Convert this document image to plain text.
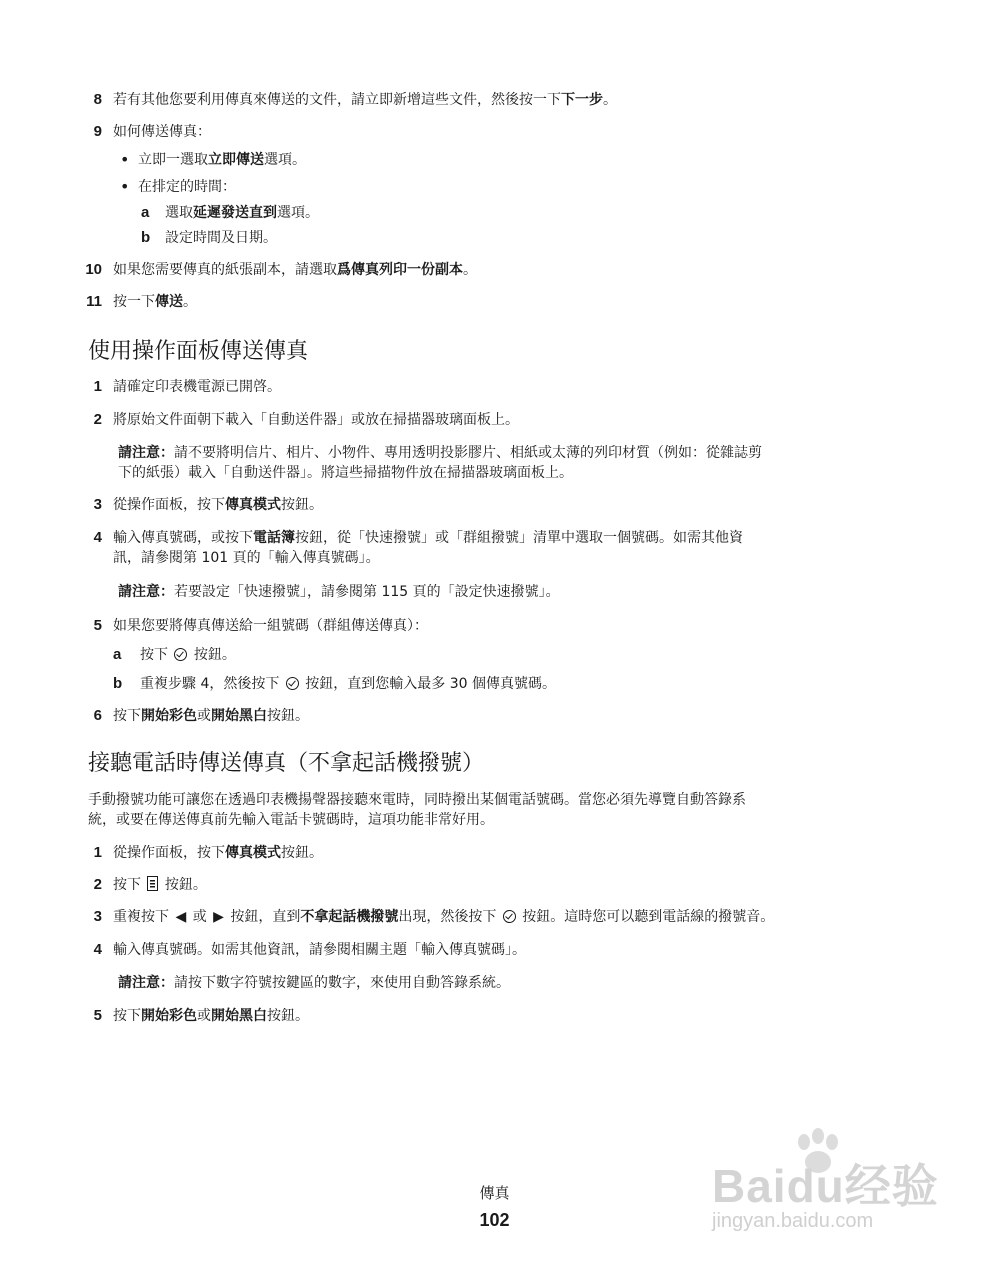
8 若有其他您要利用傳真來傳送的文件，請立即新增這些文件，然後按一下下一步。
9 如何傳送傳真：
• 立即一選取立即傳送選項。
• 在排定的時間：
a 選取延遲發送直到選項。
b 設定時間及日期。
10 如果您需要傳真的紙張副本，請選取爲傳真列印一份副本。
11 按一下傳送。
使用操作面板傳送傳真
1 請確定印表機電源已開啓。
2 將原始文件面朝下載入「自動送件器」或放在掃描器玻璃面板上。
請注意：請不要將明信片、相片、小物件、專用透明投影膠片、相紙或太薄的列印材質（例如：從雜誌剪
下的紙張）載入「自動送件器」。將這些掃描物件放在掃描器玻璃面板上。
3 從操作面板，按下傳真模式按鈕。
4 輸入傳真號碼，或按下電話簿按鈕，從「快速撥號」或「群組撥號」清單中選取一個號碼。如需其他資
訊，請參閱第 101 頁的「輸入傳真號碼」。
請注意：若要設定「快速撥號」，請參閱第 115 頁的「設定快速撥號」。
5 如果您要將傳真傳送給一組號碼（群組傳送傳真）：
a 按下 按鈕。
b 重複步驟 4，然後按下 按鈕，直到您輸入最多 30 個傳真號碼。
6 按下開始彩色或開始黑白按鈕。
接聽電話時傳送傳真（不拿起話機撥號）
手動撥號功能可讓您在透過印表機揚聲器接聽來電時，同時撥出某個電話號碼。當您必須先導覽自動答錄系
統，或要在傳送傳真前先輸入電話卡號碼時，這項功能非常好用。
1 從操作面板，按下傳真模式按鈕。
2 按下 按鈕。
3 重複按下 ◀ 或 ▶ 按鈕，直到不拿起話機撥號出現，然後按下 按鈕。這時您可以聽到電話線的撥號音。
4 輸入傳真號碼。如需其他資訊，請參閱相關主題「輸入傳真號碼」。
請注意：請按下數字符號按鍵區的數字，來使用自動答錄系統。
5 按下開始彩色或開始黑白按鈕。
傳真
102
Baidu经验
jingyan.baidu.com
